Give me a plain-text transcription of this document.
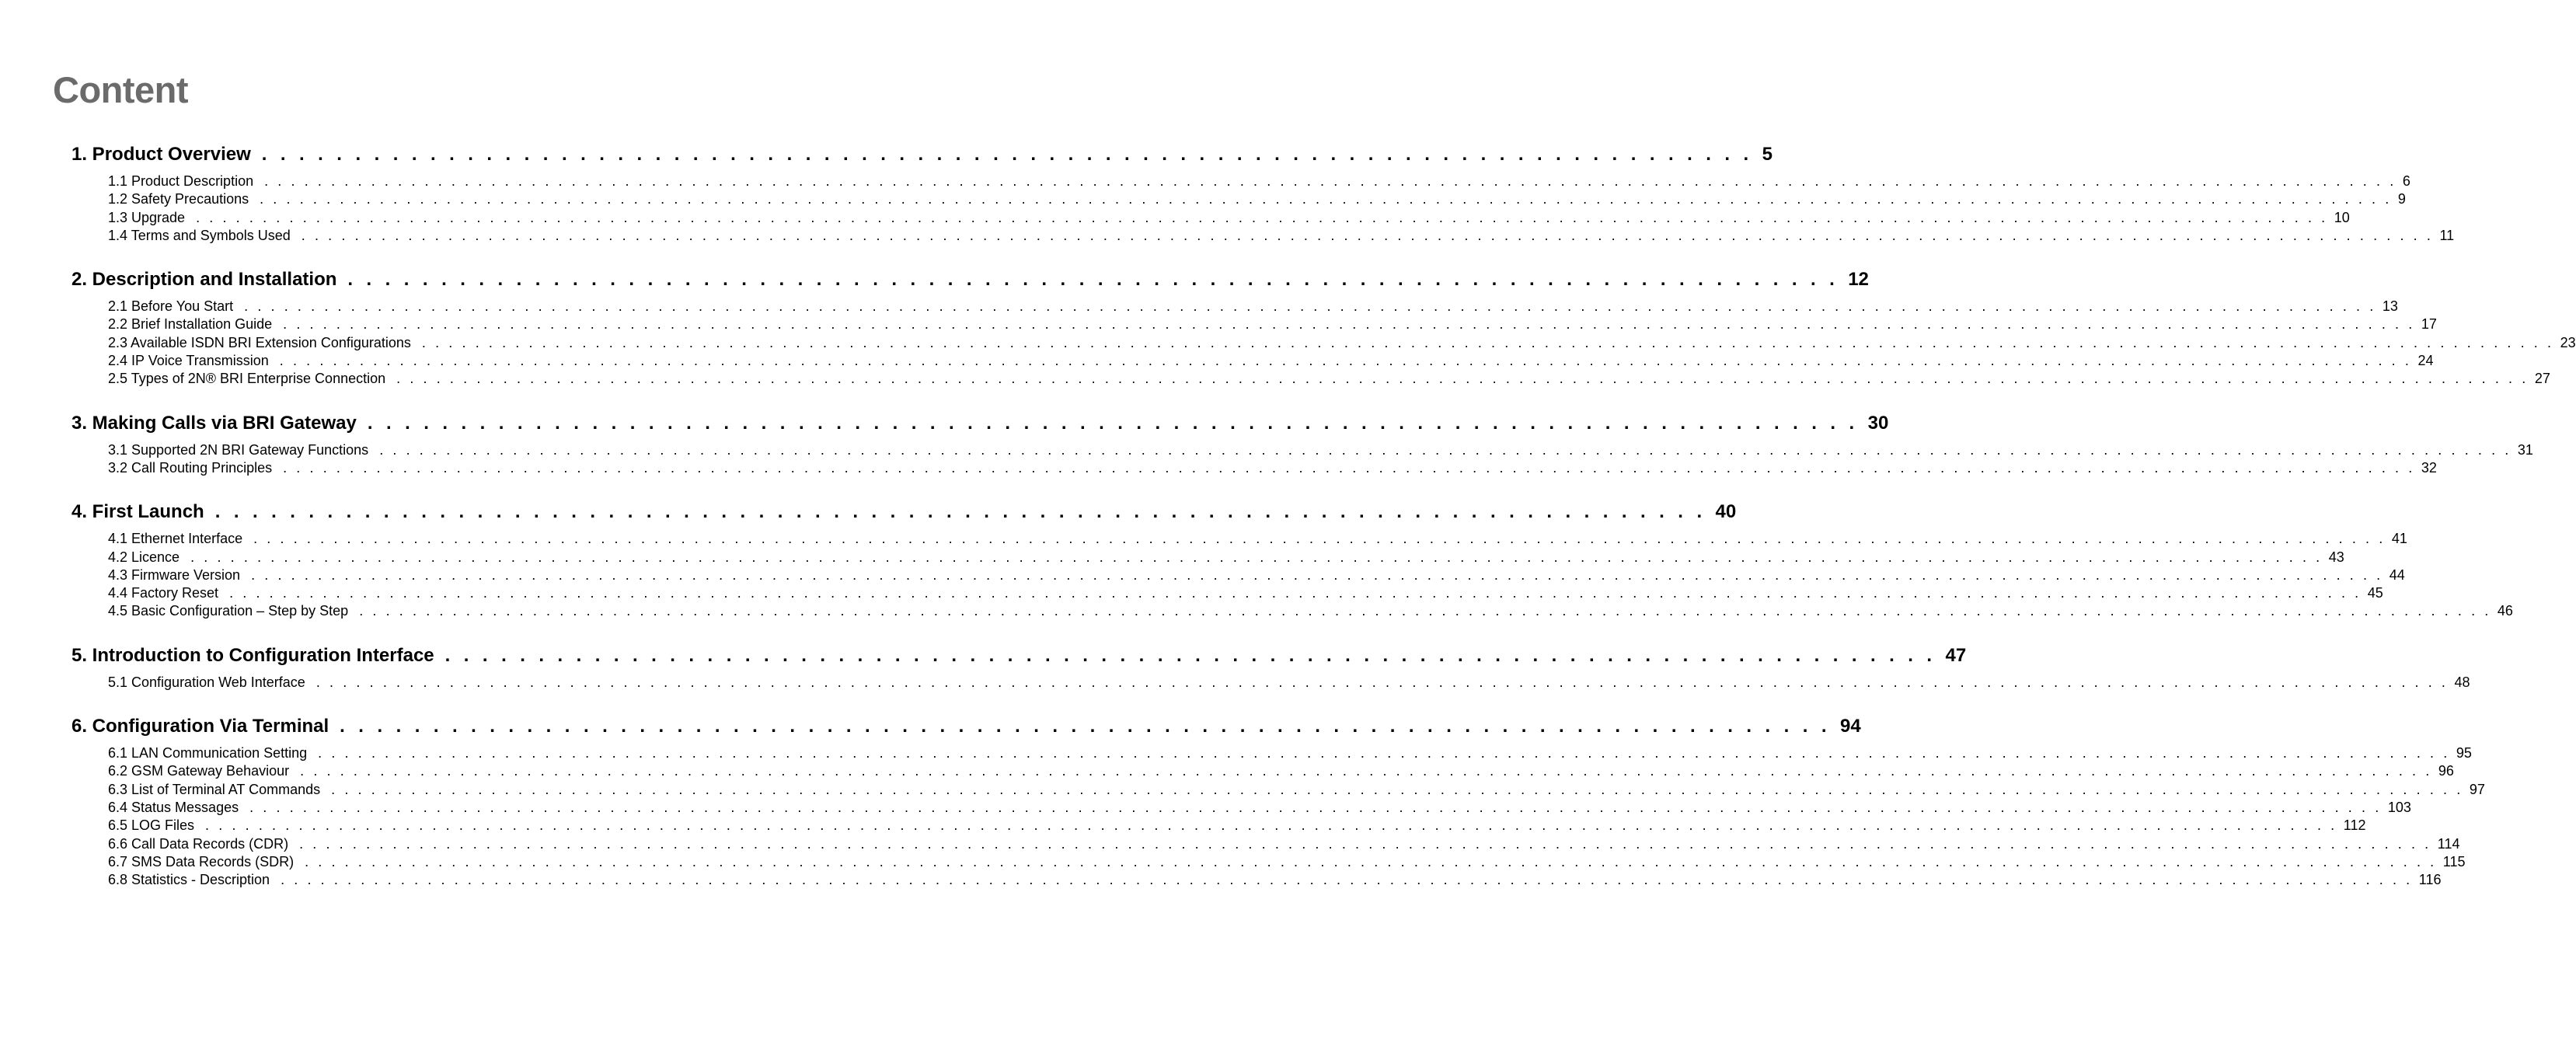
Content
1. Product Overview . . . . . . . . . . . . . . . . . . . . . . . . . . . . . . . . . . . . . . . . . . . . . . . . . . . . . . . . . . . . . . . . . . . . . . . . . . . . . . . . 5
1.1 Product Description . . . . . . . . . . . . . . . . . . . . . . . . . . . . . . . . . . . . . . . . . . . . . . . . . . . . . . . . . . . . . . . . . . . . . . . . . . . . . . . . . . . . . . . . . . . . . . . . . . . . . . . . . . . . . . . . . . . . . . . . . . . . . . . . . . . . . . . . . . . . . . . . . . . . . . . . . . . . . . . . 6
1.2 Safety Precautions . . . . . . . . . . . . . . . . . . . . . . . . . . . . . . . . . . . . . . . . . . . . . . . . . . . . . . . . . . . . . . . . . . . . . . . . . . . . . . . . . . . . . . . . . . . . . . . . . . . . . . . . . . . . . . . . . . . . . . . . . . . . . . . . . . . . . . . . . . . . . . . . . . . . . . . . . . . . . . . . 9
1.3 Upgrade . . . . . . . . . . . . . . . . . . . . . . . . . . . . . . . . . . . . . . . . . . . . . . . . . . . . . . . . . . . . . . . . . . . . . . . . . . . . . . . . . . . . . . . . . . . . . . . . . . . . . . . . . . . . . . . . . . . . . . . . . . . . . . . . . . . . . . . . . . . . . . . . . . . . . . . . . . . . . . . . 10
1.4 Terms and Symbols Used . . . . . . . . . . . . . . . . . . . . . . . . . . . . . . . . . . . . . . . . . . . . . . . . . . . . . . . . . . . . . . . . . . . . . . . . . . . . . . . . . . . . . . . . . . . . . . . . . . . . . . . . . . . . . . . . . . . . . . . . . . . . . . . . . . . . . . . . . . . . . . . . . . . . . . . . . . . . . . . . 11
2. Description and Installation . . . . . . . . . . . . . . . . . . . . . . . . . . . . . . . . . . . . . . . . . . . . . . . . . . . . . . . . . . . . . . . . . . . . . . . . . . . . . . . . 12
2.1 Before You Start . . . . . . . . . . . . . . . . . . . . . . . . . . . . . . . . . . . . . . . . . . . . . . . . . . . . . . . . . . . . . . . . . . . . . . . . . . . . . . . . . . . . . . . . . . . . . . . . . . . . . . . . . . . . . . . . . . . . . . . . . . . . . . . . . . . . . . . . . . . . . . . . . . . . . . . . . . . . . . . . 13
2.2 Brief Installation Guide . . . . . . . . . . . . . . . . . . . . . . . . . . . . . . . . . . . . . . . . . . . . . . . . . . . . . . . . . . . . . . . . . . . . . . . . . . . . . . . . . . . . . . . . . . . . . . . . . . . . . . . . . . . . . . . . . . . . . . . . . . . . . . . . . . . . . . . . . . . . . . . . . . . . . . . . . . . . . . . . 17
2.3 Available ISDN BRI Extension Configurations . . . . . . . . . . . . . . . . . . . . . . . . . . . . . . . . . . . . . . . . . . . . . . . . . . . . . . . . . . . . . . . . . . . . . . . . . . . . . . . . . . . . . . . . . . . . . . . . . . . . . . . . . . . . . . . . . . . . . . . . . . . . . . . . . . . . . . . . . . . . . . . . . . . . . . . . . . . . . . . . 23
2.4 IP Voice Transmission . . . . . . . . . . . . . . . . . . . . . . . . . . . . . . . . . . . . . . . . . . . . . . . . . . . . . . . . . . . . . . . . . . . . . . . . . . . . . . . . . . . . . . . . . . . . . . . . . . . . . . . . . . . . . . . . . . . . . . . . . . . . . . . . . . . . . . . . . . . . . . . . . . . . . . . . . . . . . . . . 24
2.5 Types of 2N® BRI Enterprise Connection . . . . . . . . . . . . . . . . . . . . . . . . . . . . . . . . . . . . . . . . . . . . . . . . . . . . . . . . . . . . . . . . . . . . . . . . . . . . . . . . . . . . . . . . . . . . . . . . . . . . . . . . . . . . . . . . . . . . . . . . . . . . . . . . . . . . . . . . . . . . . . . . . . . . . . . . . . . . . . . . 27
3. Making Calls via BRI Gateway . . . . . . . . . . . . . . . . . . . . . . . . . . . . . . . . . . . . . . . . . . . . . . . . . . . . . . . . . . . . . . . . . . . . . . . . . . . . . . . . 30
3.1 Supported 2N BRI Gateway Functions . . . . . . . . . . . . . . . . . . . . . . . . . . . . . . . . . . . . . . . . . . . . . . . . . . . . . . . . . . . . . . . . . . . . . . . . . . . . . . . . . . . . . . . . . . . . . . . . . . . . . . . . . . . . . . . . . . . . . . . . . . . . . . . . . . . . . . . . . . . . . . . . . . . . . . . . . . . . . . . . 31
3.2 Call Routing Principles . . . . . . . . . . . . . . . . . . . . . . . . . . . . . . . . . . . . . . . . . . . . . . . . . . . . . . . . . . . . . . . . . . . . . . . . . . . . . . . . . . . . . . . . . . . . . . . . . . . . . . . . . . . . . . . . . . . . . . . . . . . . . . . . . . . . . . . . . . . . . . . . . . . . . . . . . . . . . . . . 32
4. First Launch . . . . . . . . . . . . . . . . . . . . . . . . . . . . . . . . . . . . . . . . . . . . . . . . . . . . . . . . . . . . . . . . . . . . . . . . . . . . . . . . 40
4.1 Ethernet Interface . . . . . . . . . . . . . . . . . . . . . . . . . . . . . . . . . . . . . . . . . . . . . . . . . . . . . . . . . . . . . . . . . . . . . . . . . . . . . . . . . . . . . . . . . . . . . . . . . . . . . . . . . . . . . . . . . . . . . . . . . . . . . . . . . . . . . . . . . . . . . . . . . . . . . . . . . . . . . . . . 41
4.2 Licence . . . . . . . . . . . . . . . . . . . . . . . . . . . . . . . . . . . . . . . . . . . . . . . . . . . . . . . . . . . . . . . . . . . . . . . . . . . . . . . . . . . . . . . . . . . . . . . . . . . . . . . . . . . . . . . . . . . . . . . . . . . . . . . . . . . . . . . . . . . . . . . . . . . . . . . . . . . . . . . . 43
4.3 Firmware Version . . . . . . . . . . . . . . . . . . . . . . . . . . . . . . . . . . . . . . . . . . . . . . . . . . . . . . . . . . . . . . . . . . . . . . . . . . . . . . . . . . . . . . . . . . . . . . . . . . . . . . . . . . . . . . . . . . . . . . . . . . . . . . . . . . . . . . . . . . . . . . . . . . . . . . . . . . . . . . . . 44
4.4 Factory Reset . . . . . . . . . . . . . . . . . . . . . . . . . . . . . . . . . . . . . . . . . . . . . . . . . . . . . . . . . . . . . . . . . . . . . . . . . . . . . . . . . . . . . . . . . . . . . . . . . . . . . . . . . . . . . . . . . . . . . . . . . . . . . . . . . . . . . . . . . . . . . . . . . . . . . . . . . . . . . . . . 45
4.5 Basic Configuration – Step by Step . . . . . . . . . . . . . . . . . . . . . . . . . . . . . . . . . . . . . . . . . . . . . . . . . . . . . . . . . . . . . . . . . . . . . . . . . . . . . . . . . . . . . . . . . . . . . . . . . . . . . . . . . . . . . . . . . . . . . . . . . . . . . . . . . . . . . . . . . . . . . . . . . . . . . . . . . . . . . . . . 46
5. Introduction to Configuration Interface . . . . . . . . . . . . . . . . . . . . . . . . . . . . . . . . . . . . . . . . . . . . . . . . . . . . . . . . . . . . . . . . . . . . . . . . . . . . . . . . 47
5.1 Configuration Web Interface . . . . . . . . . . . . . . . . . . . . . . . . . . . . . . . . . . . . . . . . . . . . . . . . . . . . . . . . . . . . . . . . . . . . . . . . . . . . . . . . . . . . . . . . . . . . . . . . . . . . . . . . . . . . . . . . . . . . . . . . . . . . . . . . . . . . . . . . . . . . . . . . . . . . . . . . . . . . . . . . 48
6. Configuration Via Terminal . . . . . . . . . . . . . . . . . . . . . . . . . . . . . . . . . . . . . . . . . . . . . . . . . . . . . . . . . . . . . . . . . . . . . . . . . . . . . . . . 94
6.1 LAN Communication Setting . . . . . . . . . . . . . . . . . . . . . . . . . . . . . . . . . . . . . . . . . . . . . . . . . . . . . . . . . . . . . . . . . . . . . . . . . . . . . . . . . . . . . . . . . . . . . . . . . . . . . . . . . . . . . . . . . . . . . . . . . . . . . . . . . . . . . . . . . . . . . . . . . . . . . . . . . . . . . . . . 95
6.2 GSM Gateway Behaviour . . . . . . . . . . . . . . . . . . . . . . . . . . . . . . . . . . . . . . . . . . . . . . . . . . . . . . . . . . . . . . . . . . . . . . . . . . . . . . . . . . . . . . . . . . . . . . . . . . . . . . . . . . . . . . . . . . . . . . . . . . . . . . . . . . . . . . . . . . . . . . . . . . . . . . . . . . . . . . . . 96
6.3 List of Terminal AT Commands . . . . . . . . . . . . . . . . . . . . . . . . . . . . . . . . . . . . . . . . . . . . . . . . . . . . . . . . . . . . . . . . . . . . . . . . . . . . . . . . . . . . . . . . . . . . . . . . . . . . . . . . . . . . . . . . . . . . . . . . . . . . . . . . . . . . . . . . . . . . . . . . . . . . . . . . . . . . . . . . 97
6.4 Status Messages . . . . . . . . . . . . . . . . . . . . . . . . . . . . . . . . . . . . . . . . . . . . . . . . . . . . . . . . . . . . . . . . . . . . . . . . . . . . . . . . . . . . . . . . . . . . . . . . . . . . . . . . . . . . . . . . . . . . . . . . . . . . . . . . . . . . . . . . . . . . . . . . . . . . . . . . . . . . . . . . 103
6.5 LOG Files . . . . . . . . . . . . . . . . . . . . . . . . . . . . . . . . . . . . . . . . . . . . . . . . . . . . . . . . . . . . . . . . . . . . . . . . . . . . . . . . . . . . . . . . . . . . . . . . . . . . . . . . . . . . . . . . . . . . . . . . . . . . . . . . . . . . . . . . . . . . . . . . . . . . . . . . . . . . . . . . 112
6.6 Call Data Records (CDR) . . . . . . . . . . . . . . . . . . . . . . . . . . . . . . . . . . . . . . . . . . . . . . . . . . . . . . . . . . . . . . . . . . . . . . . . . . . . . . . . . . . . . . . . . . . . . . . . . . . . . . . . . . . . . . . . . . . . . . . . . . . . . . . . . . . . . . . . . . . . . . . . . . . . . . . . . . . . . . . . 114
6.7 SMS Data Records (SDR) . . . . . . . . . . . . . . . . . . . . . . . . . . . . . . . . . . . . . . . . . . . . . . . . . . . . . . . . . . . . . . . . . . . . . . . . . . . . . . . . . . . . . . . . . . . . . . . . . . . . . . . . . . . . . . . . . . . . . . . . . . . . . . . . . . . . . . . . . . . . . . . . . . . . . . . . . . . . . . . . 115
6.8 Statistics - Description . . . . . . . . . . . . . . . . . . . . . . . . . . . . . . . . . . . . . . . . . . . . . . . . . . . . . . . . . . . . . . . . . . . . . . . . . . . . . . . . . . . . . . . . . . . . . . . . . . . . . . . . . . . . . . . . . . . . . . . . . . . . . . . . . . . . . . . . . . . . . . . . . . . . . . . . . . . . . . . . 116
